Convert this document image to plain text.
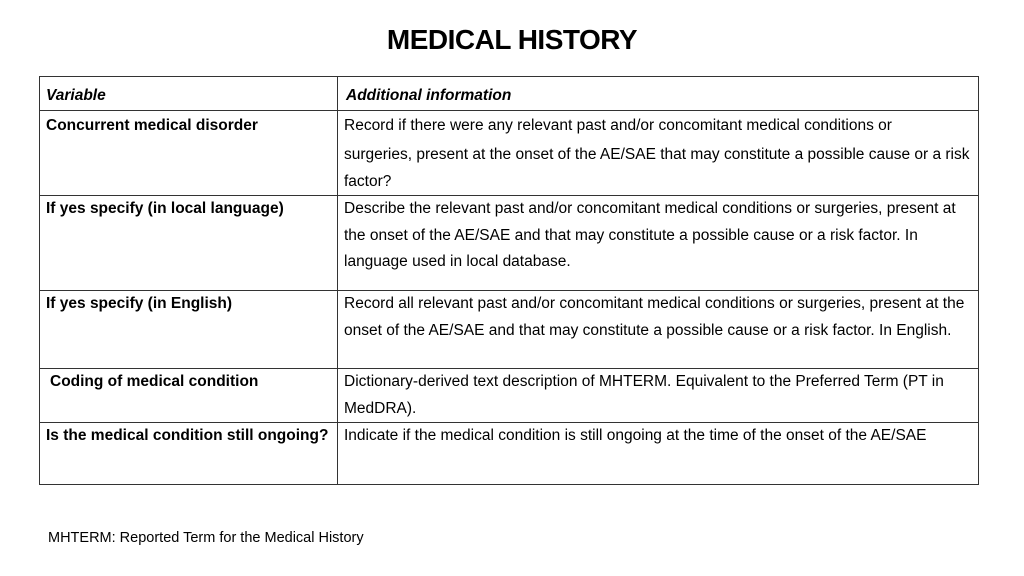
MEDICAL HISTORY
Variable	Additional information
Concurrent medical disorder	Record if there were any relevant past and/or concomitant medical conditions or
surgeries, present at the onset of the AE/SAE that may constitute a possible cause or a risk factor?

If yes specify (in local language)	Describe the relevant past and/or concomitant medical conditions or surgeries, present at the onset of the AE/SAE and that may constitute a possible cause or a risk factor. In language used in local database.
If yes specify (in English)	Record all relevant past and/or concomitant medical conditions or surgeries, present at the onset of the AE/SAE and that may constitute a possible cause or a risk factor. In English.
Coding of medical condition	Dictionary-derived text description of MHTERM. Equivalent to the Preferred Term (PT in MedDRA).
Is the medical condition still ongoing?	Indicate if the medical condition is still ongoing at the time of the onset of the AE/SAE
MHTERM: Reported Term for the Medical History
